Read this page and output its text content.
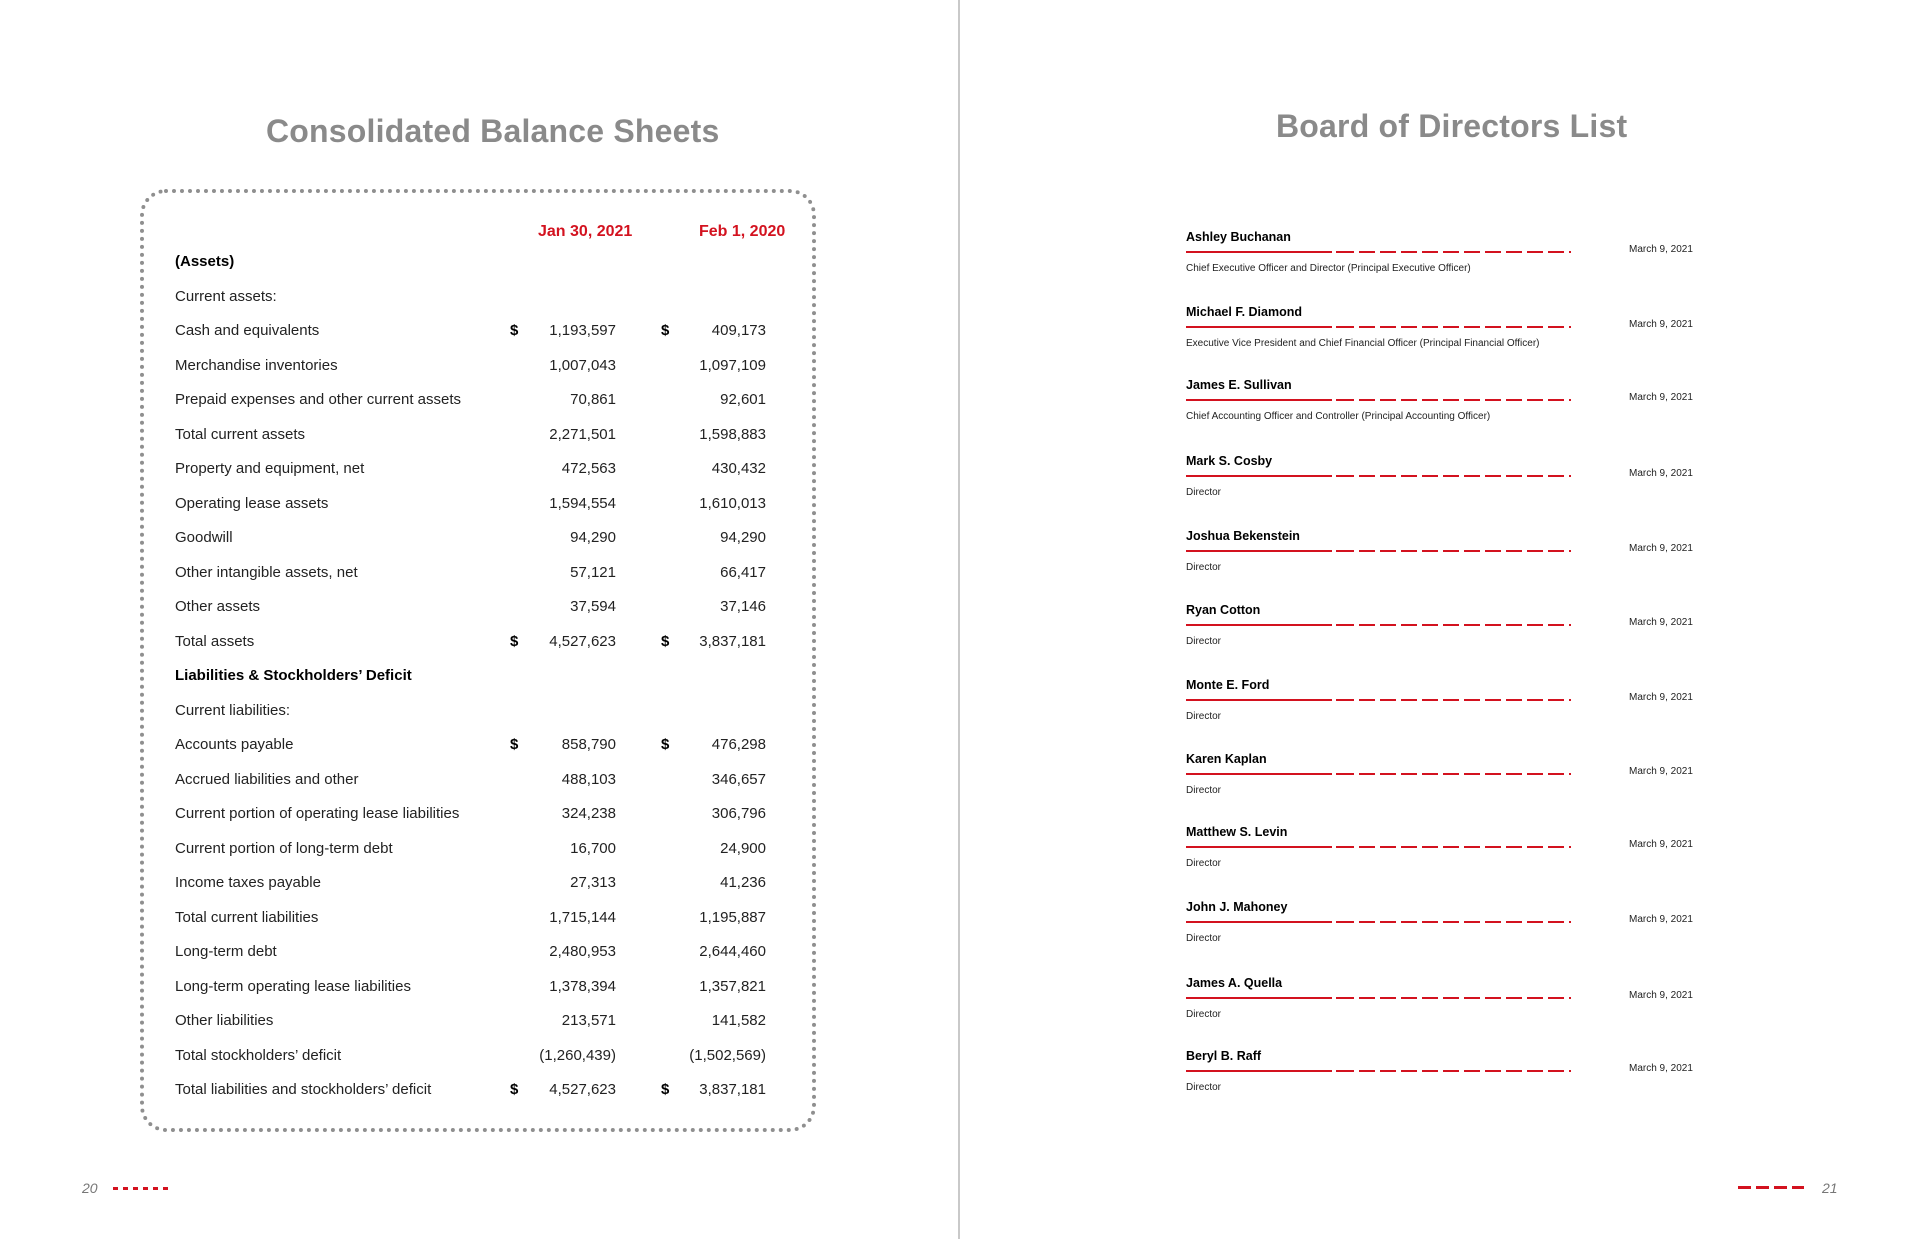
Consolidated Balance Sheets
Jan 30, 2021	Feb 1, 2020
(Assets)
Current assets:
Cash and equivalents	$	1,193,597	$	409,173
Merchandise inventories	1,007,043	1,097,109
Prepaid expenses and other current assets	70,861	92,601
Total current assets	2,271,501	1,598,883
Property and equipment, net	472,563	430,432
Operating lease assets	1,594,554	1,610,013
Goodwill	94,290	94,290
Other intangible assets, net	57,121	66,417
Other assets	37,594	37,146
Total assets	$	4,527,623	$	3,837,181
Liabilities & Stockholders’ Deficit
Current liabilities:
Accounts payable	$	858,790	$	476,298
Accrued liabilities and other	488,103	346,657
Current portion of operating lease liabilities	324,238	306,796
Current portion of long-term debt	16,700	24,900
Income taxes payable	27,313	41,236
Total current liabilities	1,715,144	1,195,887
Long-term debt	2,480,953	2,644,460
Long-term operating lease liabilities	1,378,394	1,357,821
Other liabilities	213,571	141,582
Total stockholders’ deficit	(1,260,439)	(1,502,569)
Total liabilities and stockholders’ deficit	$	4,527,623	$	3,837,181
20
Board of Directors List
Ashley Buchanan
Chief Executive Officer and Director (Principal Executive Officer)
March 9, 2021
Michael F. Diamond
Executive Vice President and Chief Financial Officer (Principal Financial Officer)
March 9, 2021
James E. Sullivan
Chief Accounting Officer and Controller (Principal Accounting Officer)
March 9, 2021
Mark S. Cosby
Director
March 9, 2021
Joshua Bekenstein
Director
March 9, 2021
Ryan Cotton
Director
March 9, 2021
Monte E. Ford
Director
March 9, 2021
Karen Kaplan
Director
March 9, 2021
Matthew S. Levin
Director
March 9, 2021
John J. Mahoney
Director
March 9, 2021
James A. Quella
Director
March 9, 2021
Beryl B. Raff
Director
March 9, 2021
21
